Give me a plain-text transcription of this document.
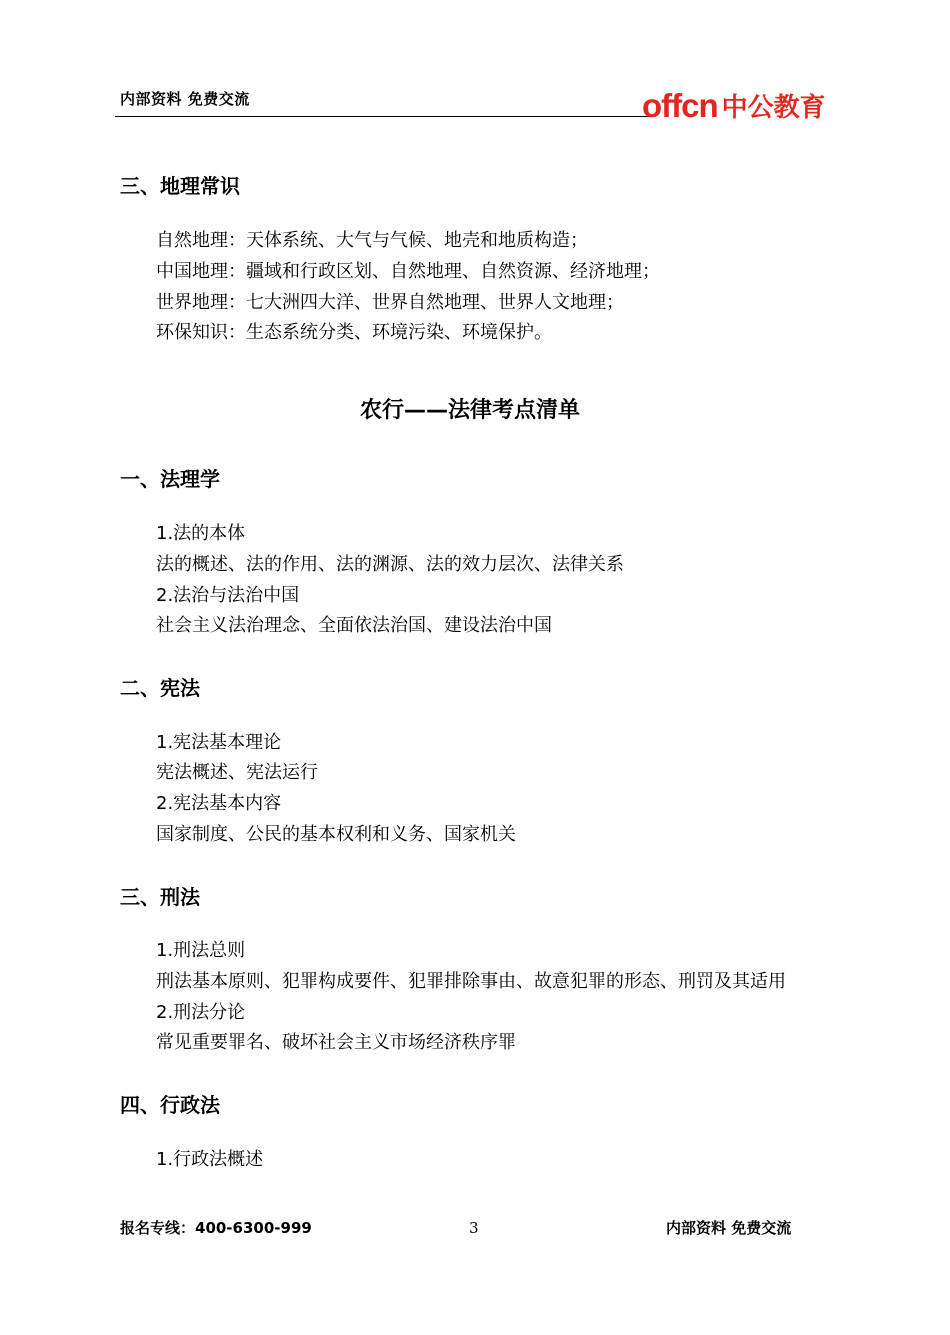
内部资料 免费交流	offcn 中公教育
三、地理常识
自然地理：天体系统、大气与气候、地壳和地质构造；
中国地理：疆域和行政区划、自然地理、自然资源、经济地理；
世界地理：七大洲四大洋、世界自然地理、世界人文地理；
环保知识：生态系统分类、环境污染、环境保护。
农行——法律考点清单
一、法理学
1.法的本体
法的概述、法的作用、法的渊源、法的效力层次、法律关系
2.法治与法治中国
社会主义法治理念、全面依法治国、建设法治中国
二、宪法
1.宪法基本理论
宪法概述、宪法运行
2.宪法基本内容
国家制度、公民的基本权利和义务、国家机关
三、刑法
1.刑法总则
刑法基本原则、犯罪构成要件、犯罪排除事由、故意犯罪的形态、刑罚及其适用
2.刑法分论
常见重要罪名、破坏社会主义市场经济秩序罪
四、行政法
1.行政法概述
报名专线：400-6300-999	3	内部资料 免费交流
